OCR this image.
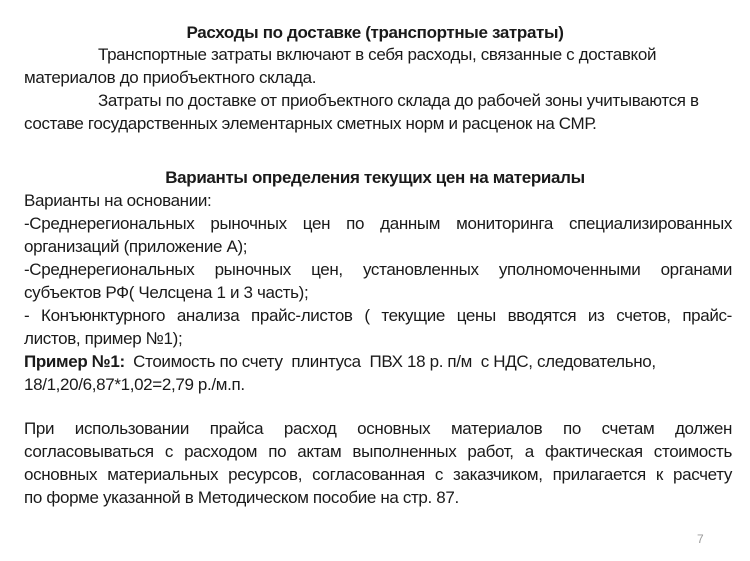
Расходы по доставке (транспортные затраты)
Транспортные затраты включают в себя расходы, связанные с доставкой
материалов до приобъектного склада.
Затраты по доставке от приобъектного склада до рабочей зоны учитываются в
составе государственных элементарных сметных норм и расценок на СМР.
Варианты определения текущих цен на материалы
Варианты на основании:
-Среднерегиональных рыночных цен по данным мониторинга специализированных
организаций (приложение А);
-Среднерегиональных рыночных цен, установленных уполномоченными органами
субъектов РФ( Челсцена 1 и 3 часть);
- Конъюнктурного анализа прайс-листов ( текущие цены вводятся из счетов, прайс-
листов, пример №1);
Пример №1: Стоимость по счету  плинтуса  ПВХ 18 р. п/м  с НДС, следовательно,
18/1,20/6,87*1,02=2,79 р./м.п.
При использовании прайса расход основных материалов по счетам должен
согласовываться с расходом по актам выполненных работ, а фактическая стоимость
основных материальных ресурсов, согласованная с заказчиком, прилагается к расчету
по форме указанной в Методическом пособие на стр. 87.
7
